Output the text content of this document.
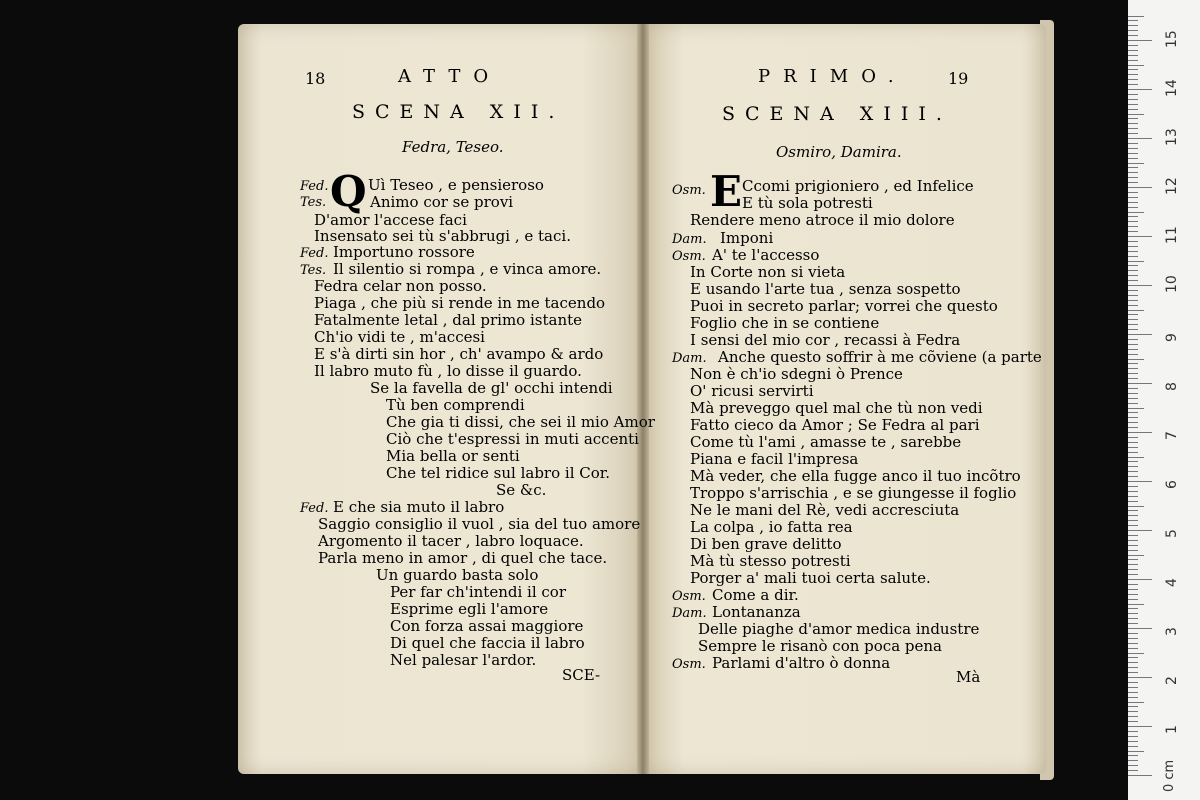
18	ATTO
SCENA XII.
Fedra, Teseo.
Q
Fed.	Uì Teseo , e pensieroso
Tes.	Animo cor se provi
D'amor l'accese faci
Insensato sei tù s'abbrugi , e taci.
Fed. Importuno rossore
Tes. Il silentio si rompa , e vinca amore.
Fedra celar non posso.
Piaga , che più si rende in me tacendo
Fatalmente letal , dal primo istante
Ch'io vidi te , m'accesi
E s'à dirti sin hor , ch' avampo & ardo
Il labro muto fù , lo disse il guardo.
Se la favella de gl' occhi intendi
Tù ben comprendi
Che gia ti dissi, che sei il mio Amor
Ciò che t'espressi in muti accenti
Mia bella or senti
Che tel ridice sul labro il Cor.
Se &c.
Fed. E che sia muto il labro
Saggio consiglio il vuol , sia del tuo amore
Argomento il tacer , labro loquace.
Parla meno in amor , di quel che tace.
Un guardo basta solo
Per far ch'intendi il cor
Esprime egli l'amore
Con forza assai maggiore
Di quel che faccia il labro
Nel palesar l'ardor.
SCE-
PRIMO.	19
SCENA XIII.
Osmiro, Damira.
E
Osm. Ccomi prigioniero , ed Infelice
E tù sola potresti
Rendere meno atroce il mio dolore
Dam. Imponi
Osm. A' te l'accesso
In Corte non si vieta
E usando l'arte tua , senza sospetto
Puoi in secreto parlar; vorrei che questo
Foglio che in se contiene
I sensi del mio cor , recassi à Fedra
Dam. Anche questo soffrir à me cõviene (a parte
Non è ch'io sdegni ò Prence
O' ricusi servirti
Mà preveggo quel mal che tù non vedi
Fatto cieco da Amor ; Se Fedra al pari
Come tù l'ami , amasse te , sarebbe
Piana e facil l'impresa
Mà veder, che ella fugge anco il tuo incõtro
Troppo s'arrischia , e se giungesse il foglio
Ne le mani del Rè, vedi accresciuta
La colpa , io fatta rea
Di ben grave delitto
Mà tù stesso potresti
Porger a' mali tuoi certa salute.
Osm. Come a dir.
Dam. Lontananza
Delle piaghe d'amor medica industre
Sempre le risanò con poca pena
Osm. Parlami d'altro ò donna
Mà
1
2
3
4
5
6
7
8
9
10
11
12
13
14
15
0 cm
